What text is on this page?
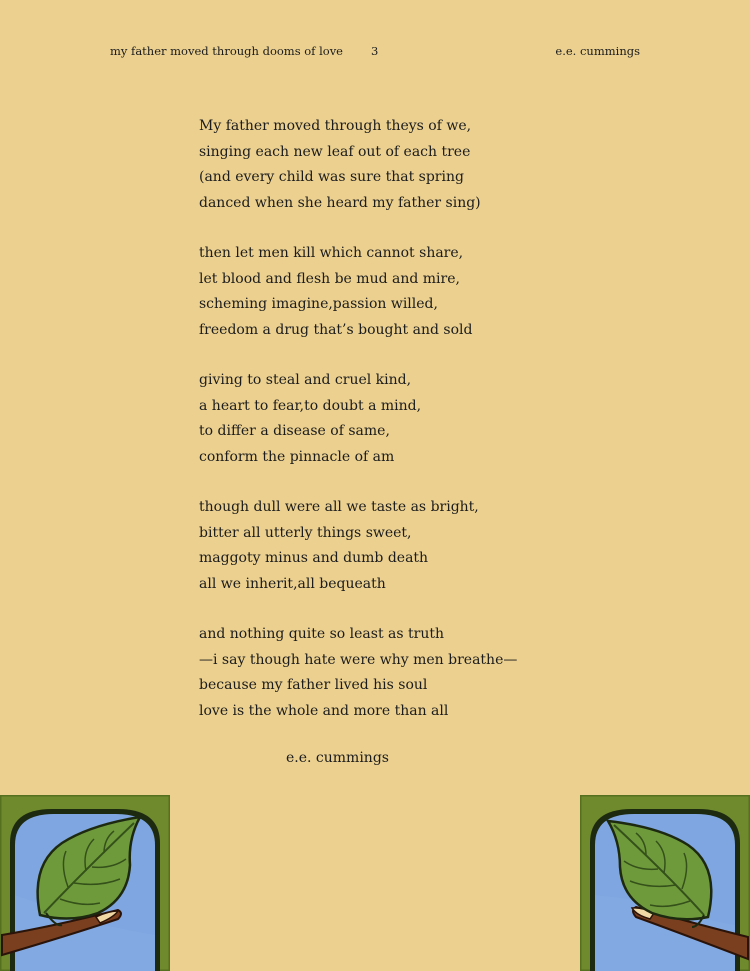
my father moved through dooms of love 3	e.e. cummings
My father moved through theys of we,
singing each new leaf out of each tree
(and every child was sure that spring
danced when she heard my father sing)
then let men kill which cannot share,
let blood and flesh be mud and mire,
scheming imagine,passion willed,
freedom a drug that’s bought and sold
giving to steal and cruel kind,
a heart to fear,to doubt a mind,
to differ a disease of same,
conform the pinnacle of am
though dull were all we taste as bright,
bitter all utterly things sweet,
maggoty minus and dumb death
all we inherit,all bequeath
and nothing quite so least as truth
—i say though hate were why men breathe—
because my father lived his soul
love is the whole and more than all
e.e. cummings
